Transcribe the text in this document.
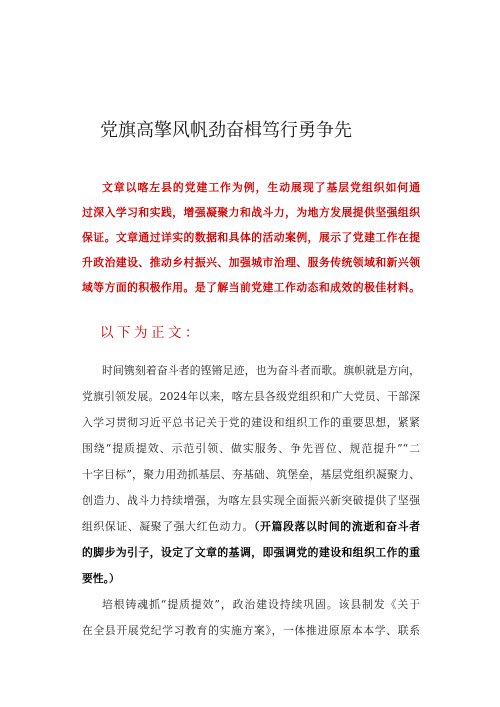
党旗高擎风帆劲奋楫笃行勇争先
文章以喀左县的党建工作为例，生动展现了基层党组织如何通
过深入学习和实践，增强凝聚力和战斗力，为地方发展提供坚强组织
保证。文章通过详实的数据和具体的活动案例，展示了党建工作在提
升政治建设、推动乡村振兴、加强城市治理、服务传统领域和新兴领
域等方面的积极作用。是了解当前党建工作动态和成效的极佳材料。
以下为正文：
时间镌刻着奋斗者的铿锵足迹，也为奋斗者而歌。旗帜就是方向，
党旗引领发展。2024年以来，喀左县各级党组织和广大党员、干部深
入学习贯彻习近平总书记关于党的建设和组织工作的重要思想，紧紧
围绕“提质提效、示范引领、做实服务、争先晋位、规范提升”“二
十字目标”，聚力用劲抓基层、夯基础、筑堡垒，基层党组织凝聚力、
创造力、战斗力持续增强，为喀左县实现全面振兴新突破提供了坚强
组织保证、凝聚了强大红色动力。（开篇段落以时间的流逝和奋斗者
的脚步为引子，设定了文章的基调，即强调党的建设和组织工作的重
要性。）
培根铸魂抓“提质提效”，政治建设持续巩固。该县制发《关于
在全县开展党纪学习教育的实施方案》，一体推进原原本本学、联系
